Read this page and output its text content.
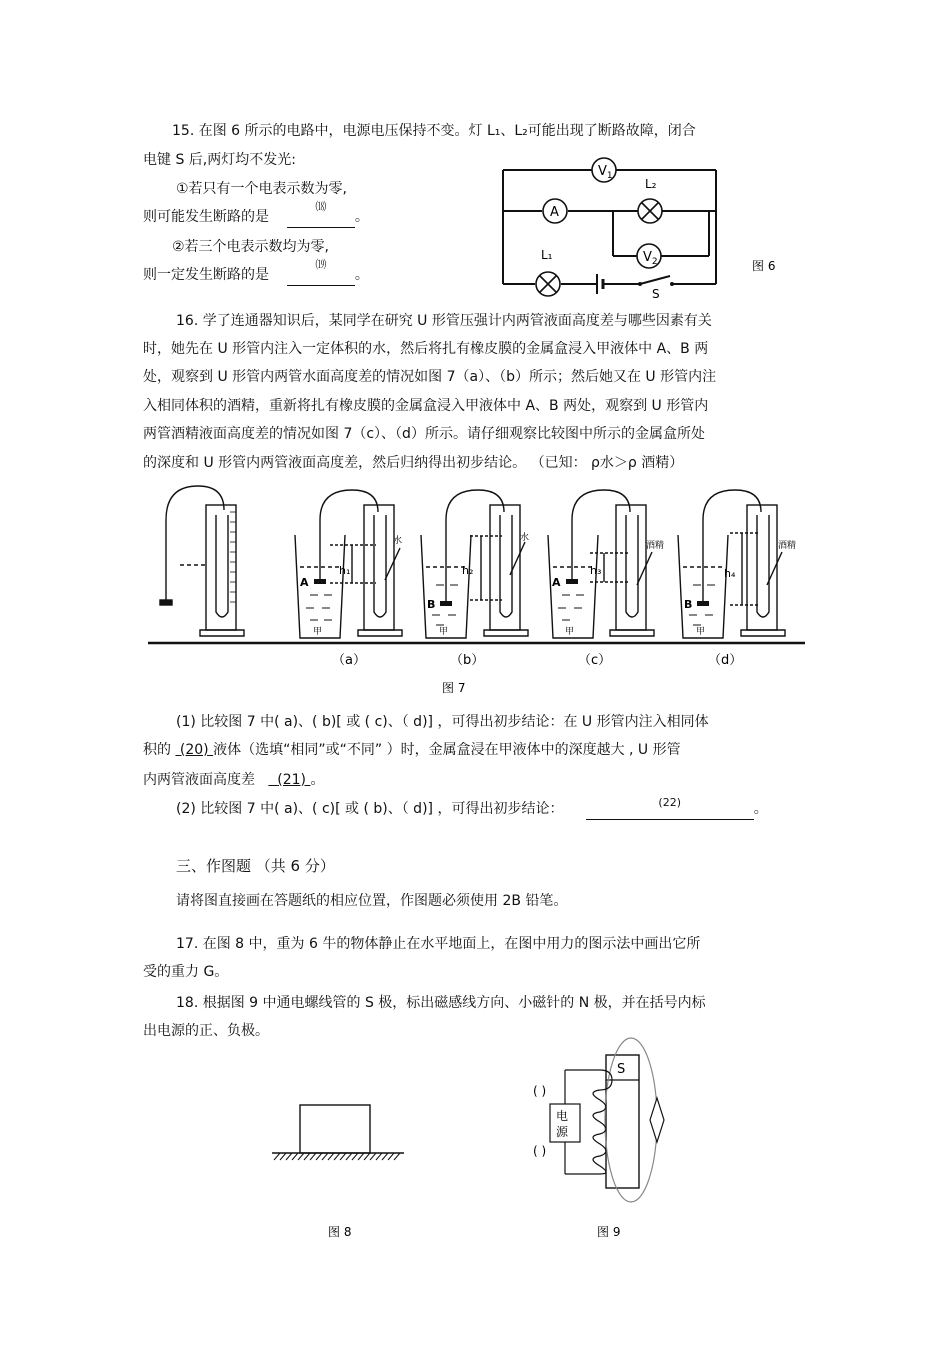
15. 在图 6 所示的电路中，电源电压保持不变。灯 L₁、L₂可能出现了断路故障，闭合
电键 S 后,两灯均不发光:
①若只有一个电表示数为零,
则可能发生断路的是
⒅
。
②若三个电表示数均为零,
则一定发生断路的是
⒆
。
$V_1$
A
$V_2$
L₂
L₁
S
图 6
16. 学了连通器知识后，某同学在研究 U 形管压强计内两管液面高度差与哪些因素有关
时，她先在 U 形管内注入一定体积的水，然后将扎有橡皮膜的金属盒浸入甲液体中 A、B 两
处，观察到 U 形管内两管水面高度差的情况如图 7（a）、（b）所示；然后她又在 U 形管内注
入相同体积的酒精，重新将扎有橡皮膜的金属盒浸入甲液体中 A、B 两处，观察到 U 形管内
两管酒精液面高度差的情况如图 7（c）、（d）所示。请仔细观察比较图中所示的金属盒所处
的深度和 U 形管内两管液面高度差，然后归纳得出初步结论。 （已知： ρ水＞ρ 酒精）
A
h₁
水
甲
B
h₂
水
甲
A
h₃
酒精
甲
B
h₄
酒精
甲
（a）	（b）	（c）	（d）
图 7
(1) 比较图 7 中( a)、( b)[ 或 ( c)、（ d)] ，可得出初步结论：在 U 形管内注入相同体
积的 (20) 液体（选填“相同”或“不同” ）时，金属盒浸在甲液体中的深度越大 , U 形管
内两管液面高度差 (21) 。
(2) 比较图 7 中( a)、( c)[ 或 ( b)、（ d)] ，可得出初步结论：	(22)	。
三、作图题 （共 6 分）
请将图直接画在答题纸的相应位置，作图题必须使用 2B 铅笔。
17. 在图 8 中，重为 6 牛的物体静止在水平地面上，在图中用力的图示法中画出它所
受的重力 G。
18. 根据图 9 中通电螺线管的 S 极，标出磁感线方向、小磁针的 N 极，并在括号内标
出电源的正、负极。
图 8
S
电
源
( )
( )
图 9
